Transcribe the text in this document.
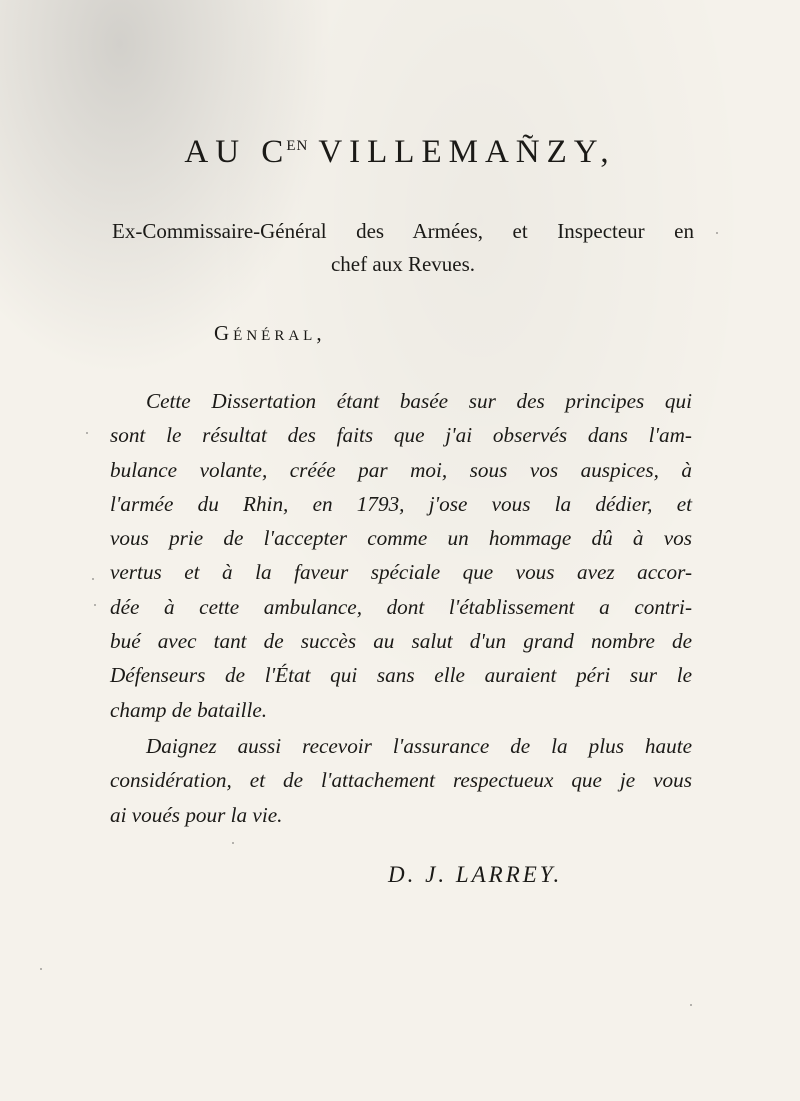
AU $C^{EN}$ VILLEMAÑZY,
Ex-Commissaire-Général des Armées, et Inspecteur en
chef aux Revues.
Général,
Cette Dissertation étant basée sur des principes qui
sont le résultat des faits que j'ai observés dans l'am-
bulance volante, créée par moi, sous vos auspices, à
l'armée du Rhin, en 1793, j'ose vous la dédier, et
vous prie de l'accepter comme un hommage dû à vos
vertus et à la faveur spéciale que vous avez accor-
dée à cette ambulance, dont l'établissement a contri-
bué avec tant de succès au salut d'un grand nombre de
Défenseurs de l'État qui sans elle auraient péri sur le
champ de bataille.
Daignez aussi recevoir l'assurance de la plus haute
considération, et de l'attachement respectueux que je vous
ai voués pour la vie.
D. J. LARREY.
